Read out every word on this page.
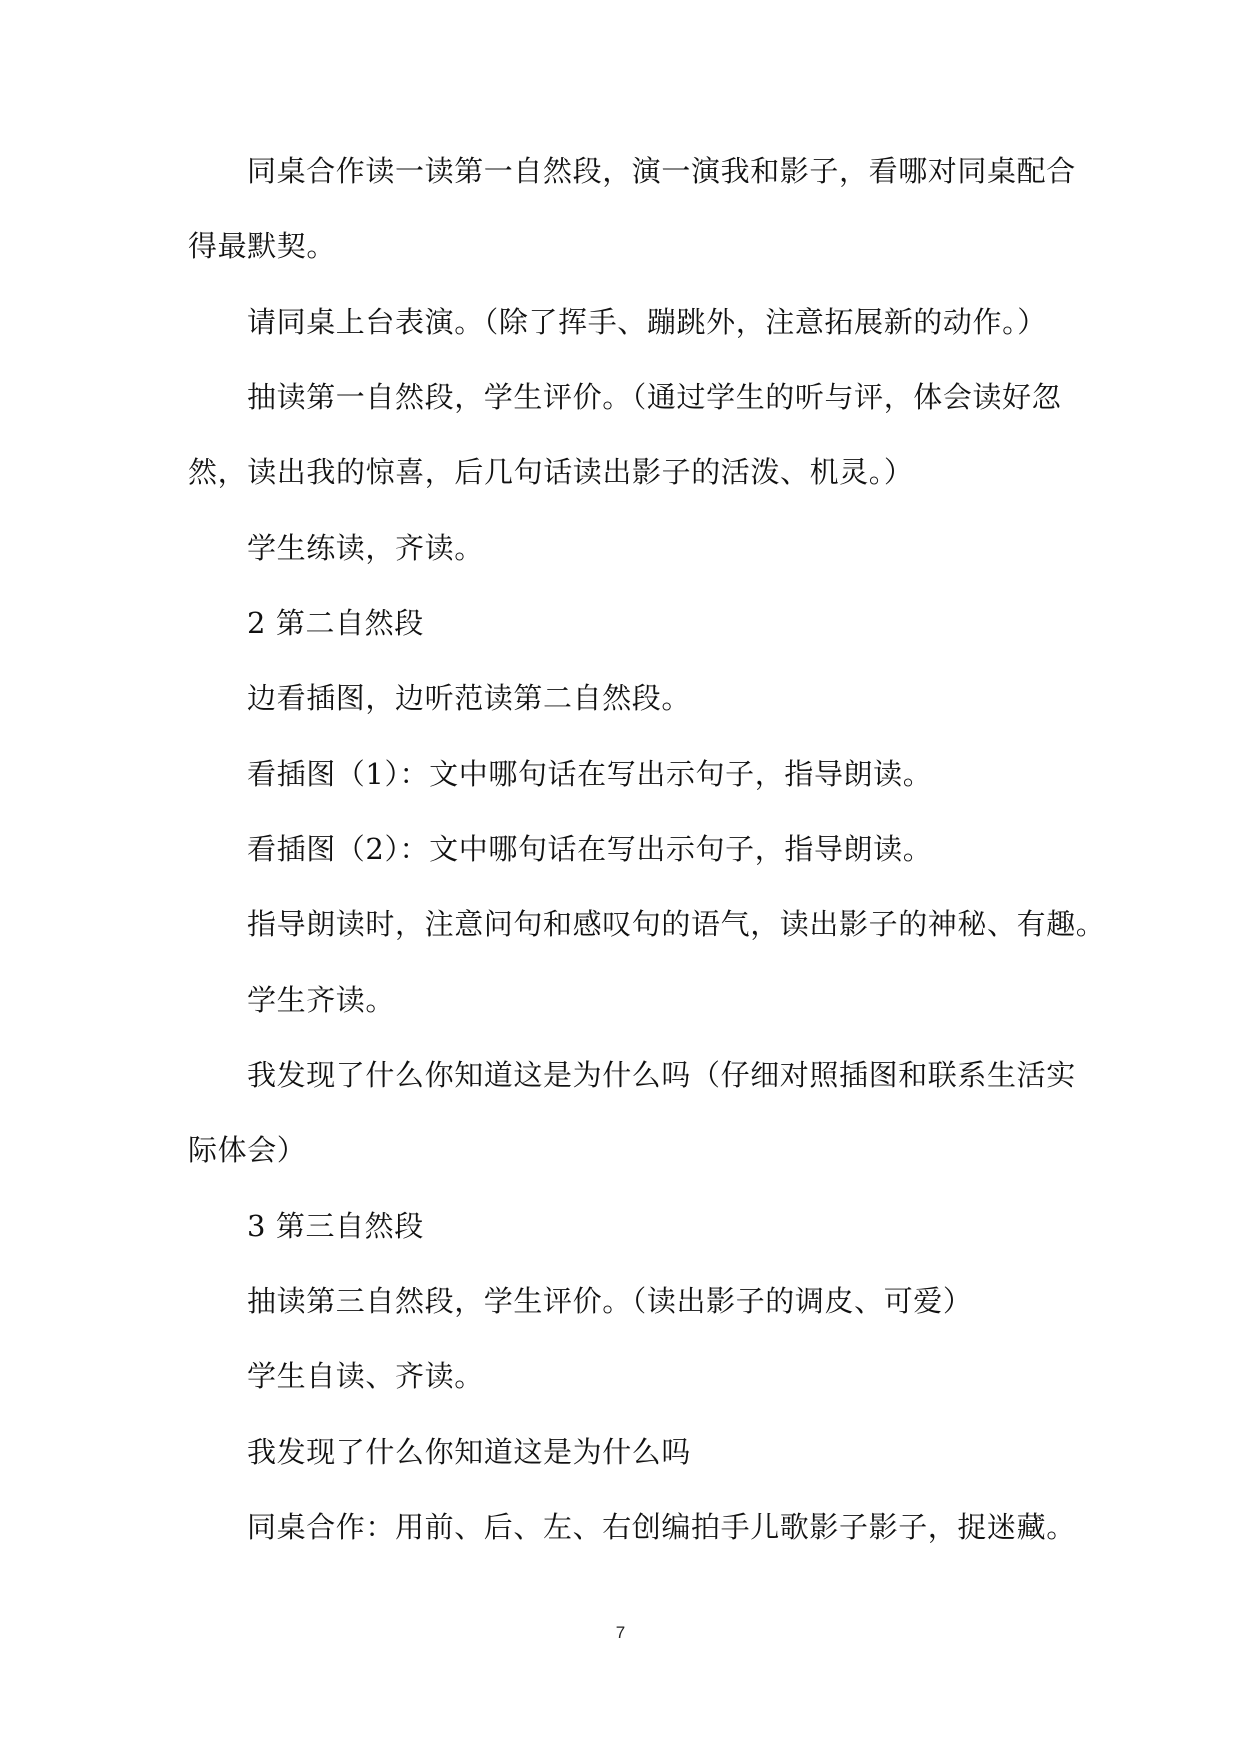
同桌合作读一读第一自然段，演一演我和影子，看哪对同桌配合
得最默契。
请同桌上台表演。（除了挥手、蹦跳外，注意拓展新的动作。）
抽读第一自然段，学生评价。（通过学生的听与评，体会读好忽
然，读出我的惊喜，后几句话读出影子的活泼、机灵。）
学生练读，齐读。
2 第二自然段
边看插图，边听范读第二自然段。
看插图（1）：文中哪句话在写出示句子，指导朗读。
看插图（2）：文中哪句话在写出示句子，指导朗读。
指导朗读时，注意问句和感叹句的语气，读出影子的神秘、有趣。
学生齐读。
我发现了什么你知道这是为什么吗（仔细对照插图和联系生活实
际体会）
3 第三自然段
抽读第三自然段，学生评价。（读出影子的调皮、可爱）
学生自读、齐读。
我发现了什么你知道这是为什么吗
同桌合作：用前、后、左、右创编拍手儿歌影子影子，捉迷藏。
7
